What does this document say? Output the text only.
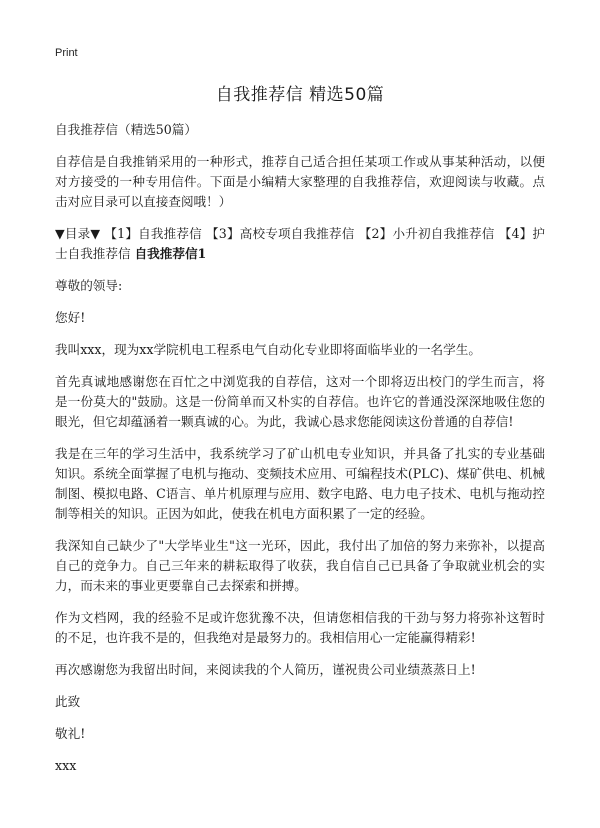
Print
自我推荐信 精选50篇

自我推荐信（精选50篇）

自荐信是自我推销采用的一种形式，推荐自己适合担任某项工作或从事某种活动，以便对方接受的一种专用信件。下面是小编精大家整理的自我推荐信，欢迎阅读与收藏。点击对应目录可以直接查阅哦！）

▼目录▼ 【1】自我推荐信 【3】高校专项自我推荐信 【2】小升初自我推荐信 【4】护士自我推荐信 自我推荐信1

尊敬的领导:

您好!

我叫xxx，现为xx学院机电工程系电气自动化专业即将面临毕业的一名学生。

首先真诚地感谢您在百忙之中浏览我的自荐信，这对一个即将迈出校门的学生而言，将是一份莫大的"鼓励。这是一份简单而又朴实的自荐信。也许它的普通没深深地吸住您的眼光，但它却蕴涵着一颗真诚的心。为此，我诚心恳求您能阅读这份普通的自荐信!

我是在三年的学习生活中，我系统学习了矿山机电专业知识，并具备了扎实的专业基础知识。系统全面掌握了电机与拖动、变频技术应用、可编程技术(PLC)、煤矿供电、机械制图、模拟电路、C语言、单片机原理与应用、数字电路、电力电子技术、电机与拖动控制等相关的知识。正因为如此，使我在机电方面积累了一定的经验。

我深知自己缺少了"大学毕业生"这一光环，因此，我付出了加倍的努力来弥补，以提高自己的竞争力。自己三年来的耕耘取得了收获，我自信自己已具备了争取就业机会的实力，而未来的事业更要靠自己去探索和拼搏。

作为文档网，我的经验不足或许您犹豫不决，但请您相信我的干劲与努力将弥补这暂时的不足，也许我不是的，但我绝对是最努力的。我相信用心一定能赢得精彩!

再次感谢您为我留出时间，来阅读我的个人简历，谨祝贵公司业绩蒸蒸日上!

此致

敬礼!

xxx
